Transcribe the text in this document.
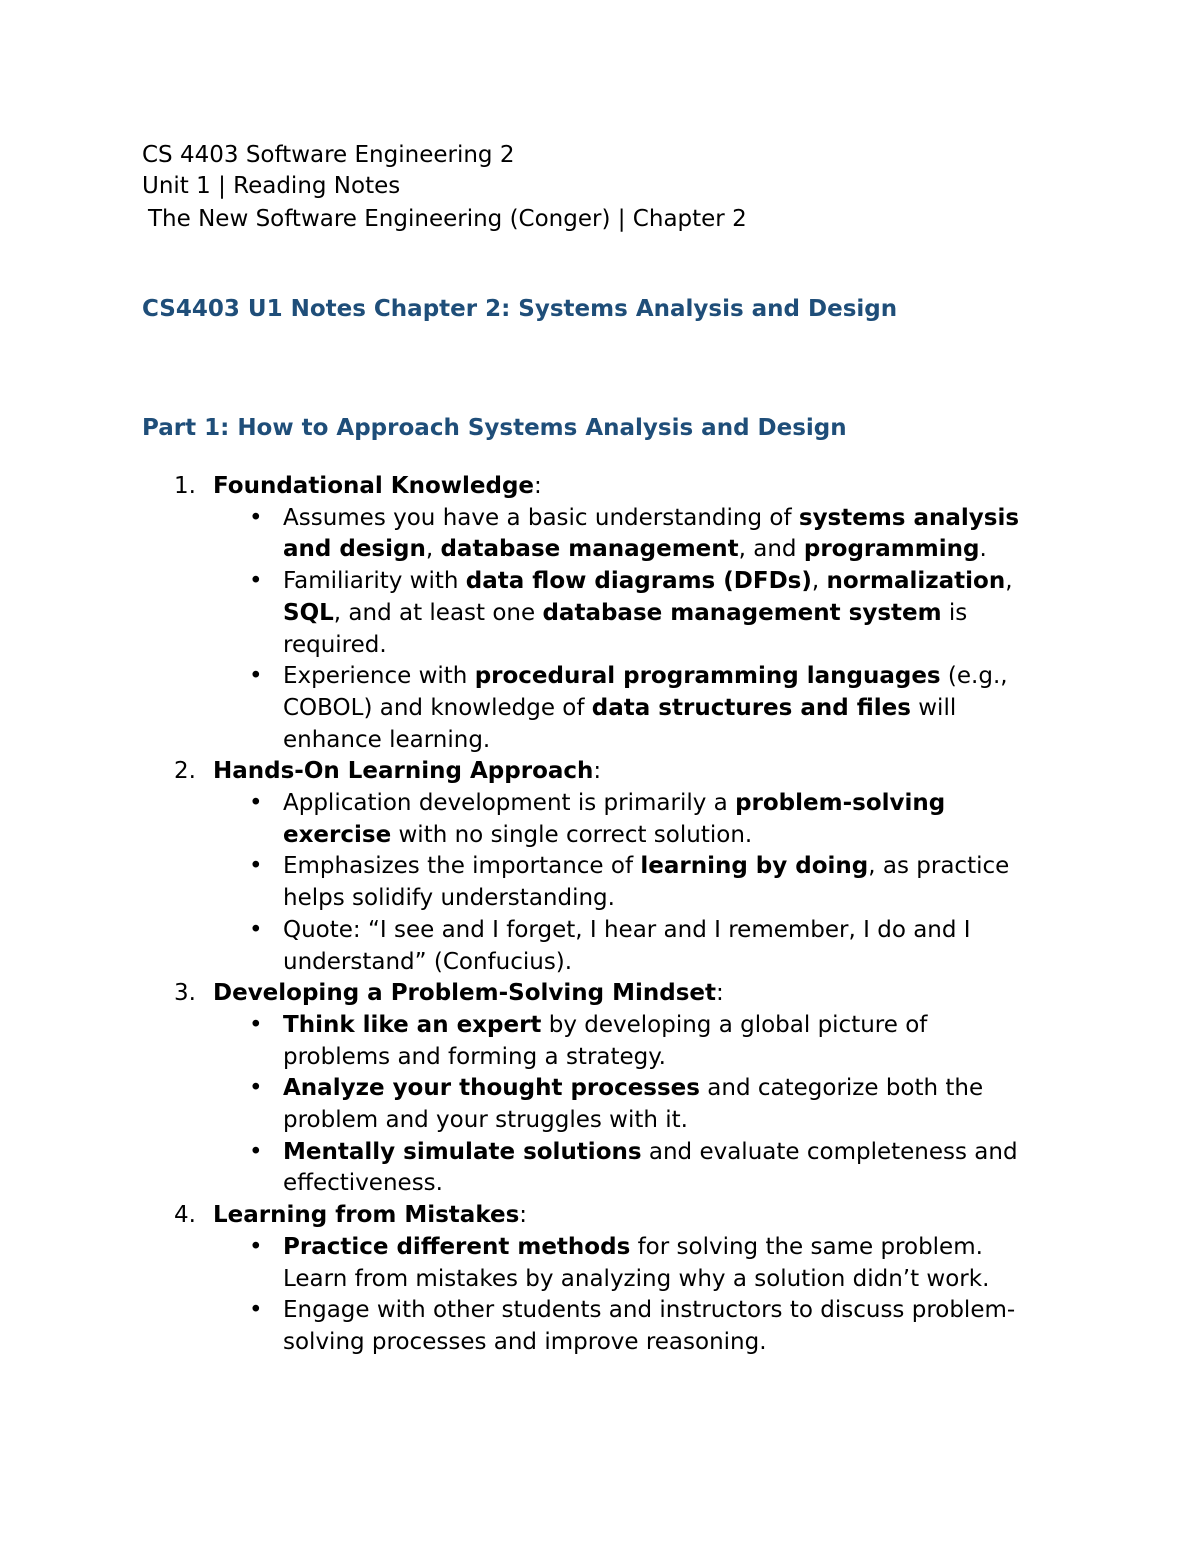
CS 4403 Software Engineering 2
Unit 1 | Reading Notes
The New Software Engineering (Conger) | Chapter 2
CS4403 U1 Notes Chapter 2: Systems Analysis and Design
Part 1: How to Approach Systems Analysis and Design
1. Foundational Knowledge:
• Assumes you have a basic understanding of systems analysis and design, database management, and programming.
• Familiarity with data flow diagrams (DFDs), normalization, SQL, and at least one database management system is required.
• Experience with procedural programming languages (e.g., COBOL) and knowledge of data structures and files will enhance learning.
2. Hands-On Learning Approach:
• Application development is primarily a problem-solving exercise with no single correct solution.
• Emphasizes the importance of learning by doing, as practice helps solidify understanding.
• Quote: “I see and I forget, I hear and I remember, I do and I understand” (Confucius).
3. Developing a Problem-Solving Mindset:
• Think like an expert by developing a global picture of problems and forming a strategy.
• Analyze your thought processes and categorize both the problem and your struggles with it.
• Mentally simulate solutions and evaluate completeness and effectiveness.
4. Learning from Mistakes:
• Practice different methods for solving the same problem. Learn from mistakes by analyzing why a solution didn’t work.
• Engage with other students and instructors to discuss problem-solving processes and improve reasoning.
